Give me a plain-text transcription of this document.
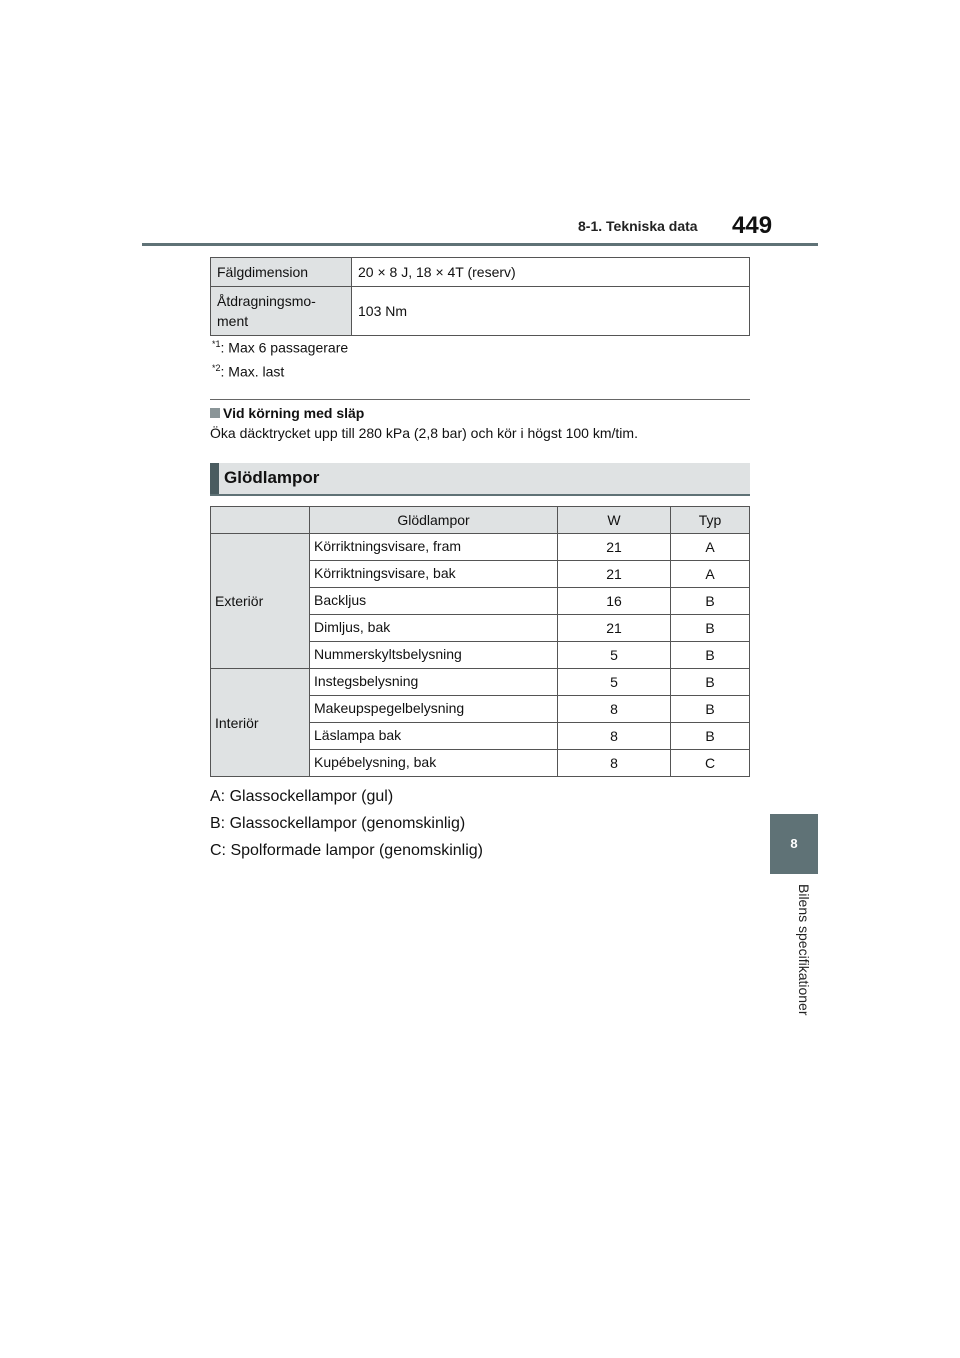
8-1. Tekniska data 449
8
Bilens specifikationer
Fälgdimension	20 × 8 J, 18 × 4T (reserv)
Åtdragningsmo-
ment	103 Nm
$^{*1}$: Max 6 passagerare
$^{*2}$: Max. last
Vid körning med släp
Öka däcktrycket upp till 280 kPa (2,8 bar) och kör i högst 100 km/tim.
Glödlampor
	Glödlampor	W	Typ
Exteriör	Körriktningsvisare, fram	21	A
	Körriktningsvisare, bak	21	A
	Backljus	16	B
	Dimljus, bak	21	B
	Nummerskyltsbelysning	5	B
Interiör	Instegsbelysning	5	B
	Makeupspegelbelysning	8	B
	Läslampa bak	8	B
	Kupébelysning, bak	8	C
A: Glassockellampor (gul)
B: Glassockellampor (genomskinlig)
C: Spolformade lampor (genomskinlig)
